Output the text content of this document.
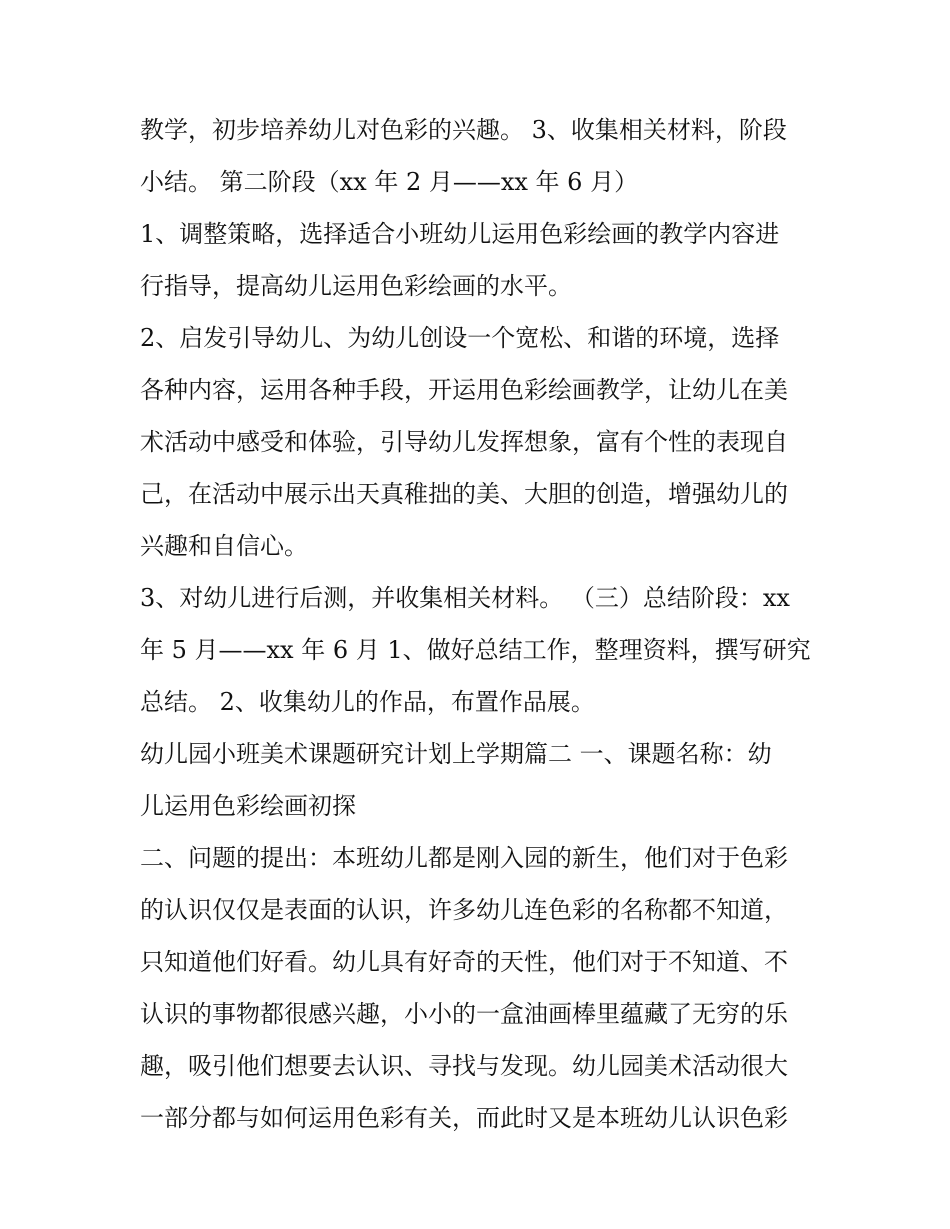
教学，初步培养幼儿对色彩的兴趣。 3、收集相关材料，阶段
小结。 第二阶段（xx 年 2 月——xx 年 6 月）
1、调整策略，选择适合小班幼儿运用色彩绘画的教学内容进
行指导，提高幼儿运用色彩绘画的水平。
2、启发引导幼儿、为幼儿创设一个宽松、和谐的环境，选择
各种内容，运用各种手段，开运用色彩绘画教学，让幼儿在美
术活动中感受和体验，引导幼儿发挥想象，富有个性的表现自
己，在活动中展示出天真稚拙的美、大胆的创造，增强幼儿的
兴趣和自信心。
3、对幼儿进行后测，并收集相关材料。 （三）总结阶段：xx
年 5 月——xx 年 6 月 1、做好总结工作，整理资料，撰写研究
总结。 2、收集幼儿的作品，布置作品展。
幼儿园小班美术课题研究计划上学期篇二 一、课题名称：幼
儿运用色彩绘画初探
二、问题的提出：本班幼儿都是刚入园的新生，他们对于色彩
的认识仅仅是表面的认识，许多幼儿连色彩的名称都不知道，
只知道他们好看。幼儿具有好奇的天性，他们对于不知道、不
认识的事物都很感兴趣，小小的一盒油画棒里蕴藏了无穷的乐
趣，吸引他们想要去认识、寻找与发现。幼儿园美术活动很大
一部分都与如何运用色彩有关，而此时又是本班幼儿认识色彩
